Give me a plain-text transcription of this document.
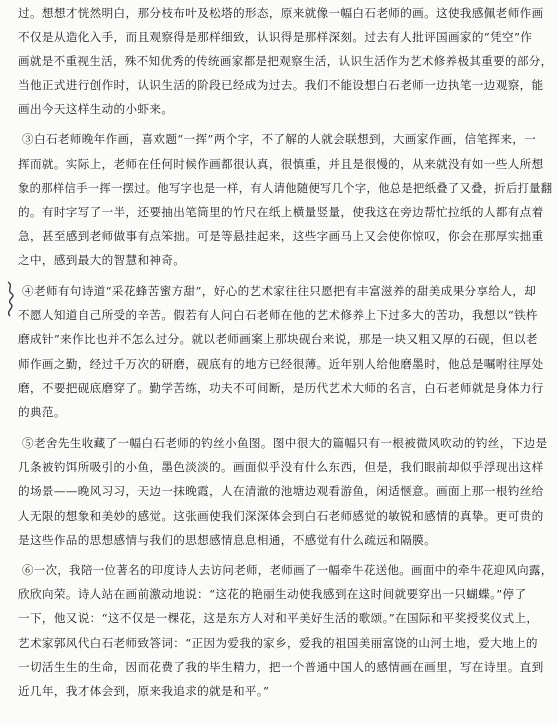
过。想想才恍然明白，那分枝布叶及松塔的形态，原来就像一幅白石老师的画。这使我感佩老师作画
不仅是从造化入手，而且观察得是那样细致，认识得是那样深刻。过去有人批评国画家的“凭空”作
画就是不重视生活，殊不知优秀的传统画家都是把观察生活，认识生活作为艺术修养极其重要的部分，
当他正式进行创作时，认识生活的阶段已经成为过去。我们不能设想白石老师一边执笔一边观察，能
画出今天这样生动的小虾来。
③白石老师晚年作画，喜欢题“一挥”两个字，不了解的人就会联想到，大画家作画，信笔挥来，一
挥而就。实际上，老师在任何时候作画都很认真，很慎重，并且是很慢的，从来就没有如一些人所想
象的那样信手一挥一摆过。他写字也是一样，有人请他随便写几个字，他总是把纸叠了又叠，折后打量翻
的。有时字写了一半，还要抽出笔筒里的竹尺在纸上横量竖量，使我这在旁边帮忙拉纸的人都有点着
急，甚至感到老师做事有点笨拙。可是等悬挂起来，这些字画马上又会使你惊叹，你会在那厚实拙重
之中，感到最大的智慧和神奇。
④老师有句诗道“采花蜂苦蜜方甜”，好心的艺术家往往只愿把有丰富滋养的甜美成果分享给人，却
不愿人知道自己所受的辛苦。假若有人问白石老师在他的艺术修养上下过多大的苦功，我想以“铁杵
磨成针”来作比也并不怎么过分。就以老师画案上那块砚台来说，那是一块又粗又厚的石砚，但以老
师作画之勤，经过千万次的研磨，砚底有的地方已经很薄。近年别人给他磨墨时，他总是嘱咐往厚处
磨，不要把砚底磨穿了。勤学苦练，功夫不可间断，是历代艺术大师的名言，白石老师就是身体力行
的典范。
⑤老舍先生收藏了一幅白石老师的钓丝小鱼图。图中很大的篇幅只有一根被微风吹动的钓丝，下边是
几条被钓饵所吸引的小鱼，墨色淡淡的。画面似乎没有什么东西，但是，我们眼前却似乎浮现出这样
的场景——晚风习习，天边一抹晚霞，人在清澈的池塘边观看游鱼，闲适惬意。画面上那一根钓丝给
人无限的想象和美妙的感觉。这张画使我们深深体会到白石老师感觉的敏锐和感情的真挚。更可贵的
是这些作品的思想感情与我们的思想感情息息相通，不感觉有什么疏远和隔膜。
⑥一次，我陪一位著名的印度诗人去访问老师，老师画了一幅牵牛花送他。画面中的牵牛花迎风向露，
欣欣向荣。诗人站在画前激动地说：“这花的艳丽生动使我感到在这时间就要穿出一只蝴蝶。”停了
一下，他又说：“这不仅是一棵花，这是东方人对和平美好生活的歌颂。”在国际和平奖授奖仪式上，
艺术家郭风代白石老师致答词：“正因为爱我的家乡，爱我的祖国美丽富饶的山河土地，爱大地上的
一切活生生的生命，因而花费了我的毕生精力，把一个普通中国人的感情画在画里，写在诗里。直到
近几年，我才体会到，原来我追求的就是和平。”
